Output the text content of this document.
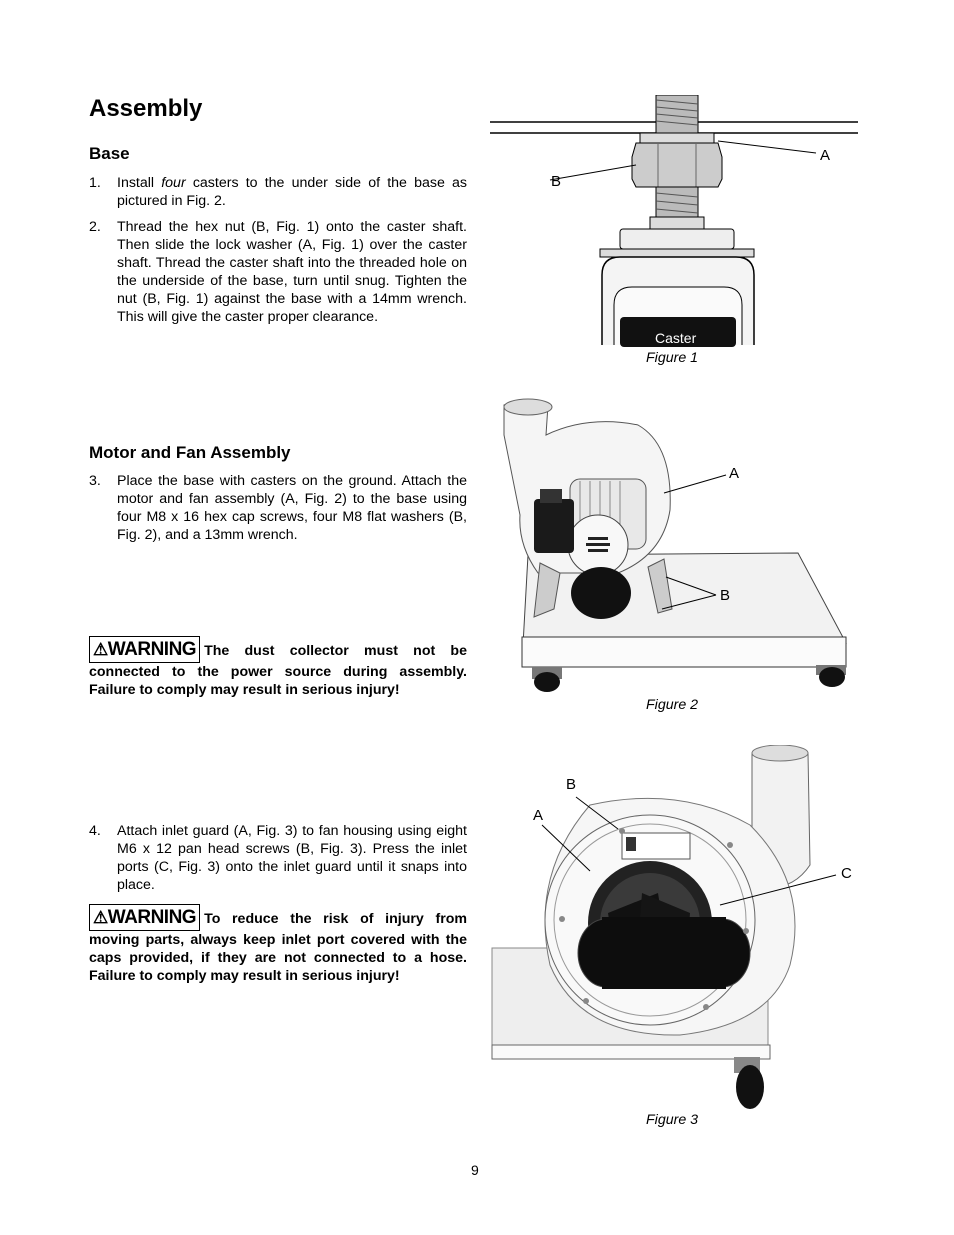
Assembly
Base
1. Install four casters to the under side of the base as pictured in Fig. 2.
2. Thread the hex nut (B, Fig. 1) onto the caster shaft. Then slide the lock washer (A, Fig. 1) over the caster shaft. Thread the caster shaft into the threaded hole on the underside of the base, turn until snug. Tighten the nut (B, Fig. 1) against the base with a 14mm wrench. This will give the caster proper clearance.
Motor and Fan Assembly
3. Place the base with casters on the ground. Attach the motor and fan assembly (A, Fig. 2) to the base using four M8 x 16 hex cap screws, four M8 flat washers (B, Fig. 2), and a 13mm wrench.
⚠WARNING The dust collector must not be connected to the power source during assembly. Failure to comply may result in serious injury!
4. Attach inlet guard (A, Fig. 3) to fan housing using eight M6 x 12 pan head screws (B, Fig. 3). Press the inlet ports (C, Fig. 3) onto the inlet guard until it snaps into place.
⚠WARNING To reduce the risk of injury from moving parts, always keep inlet port covered with the caps provided, if they are not connected to a hose. Failure to comply may result in serious injury!
B
A
Caster
Figure 1
A
B
Figure 2
B
A
C
Figure 3
9
